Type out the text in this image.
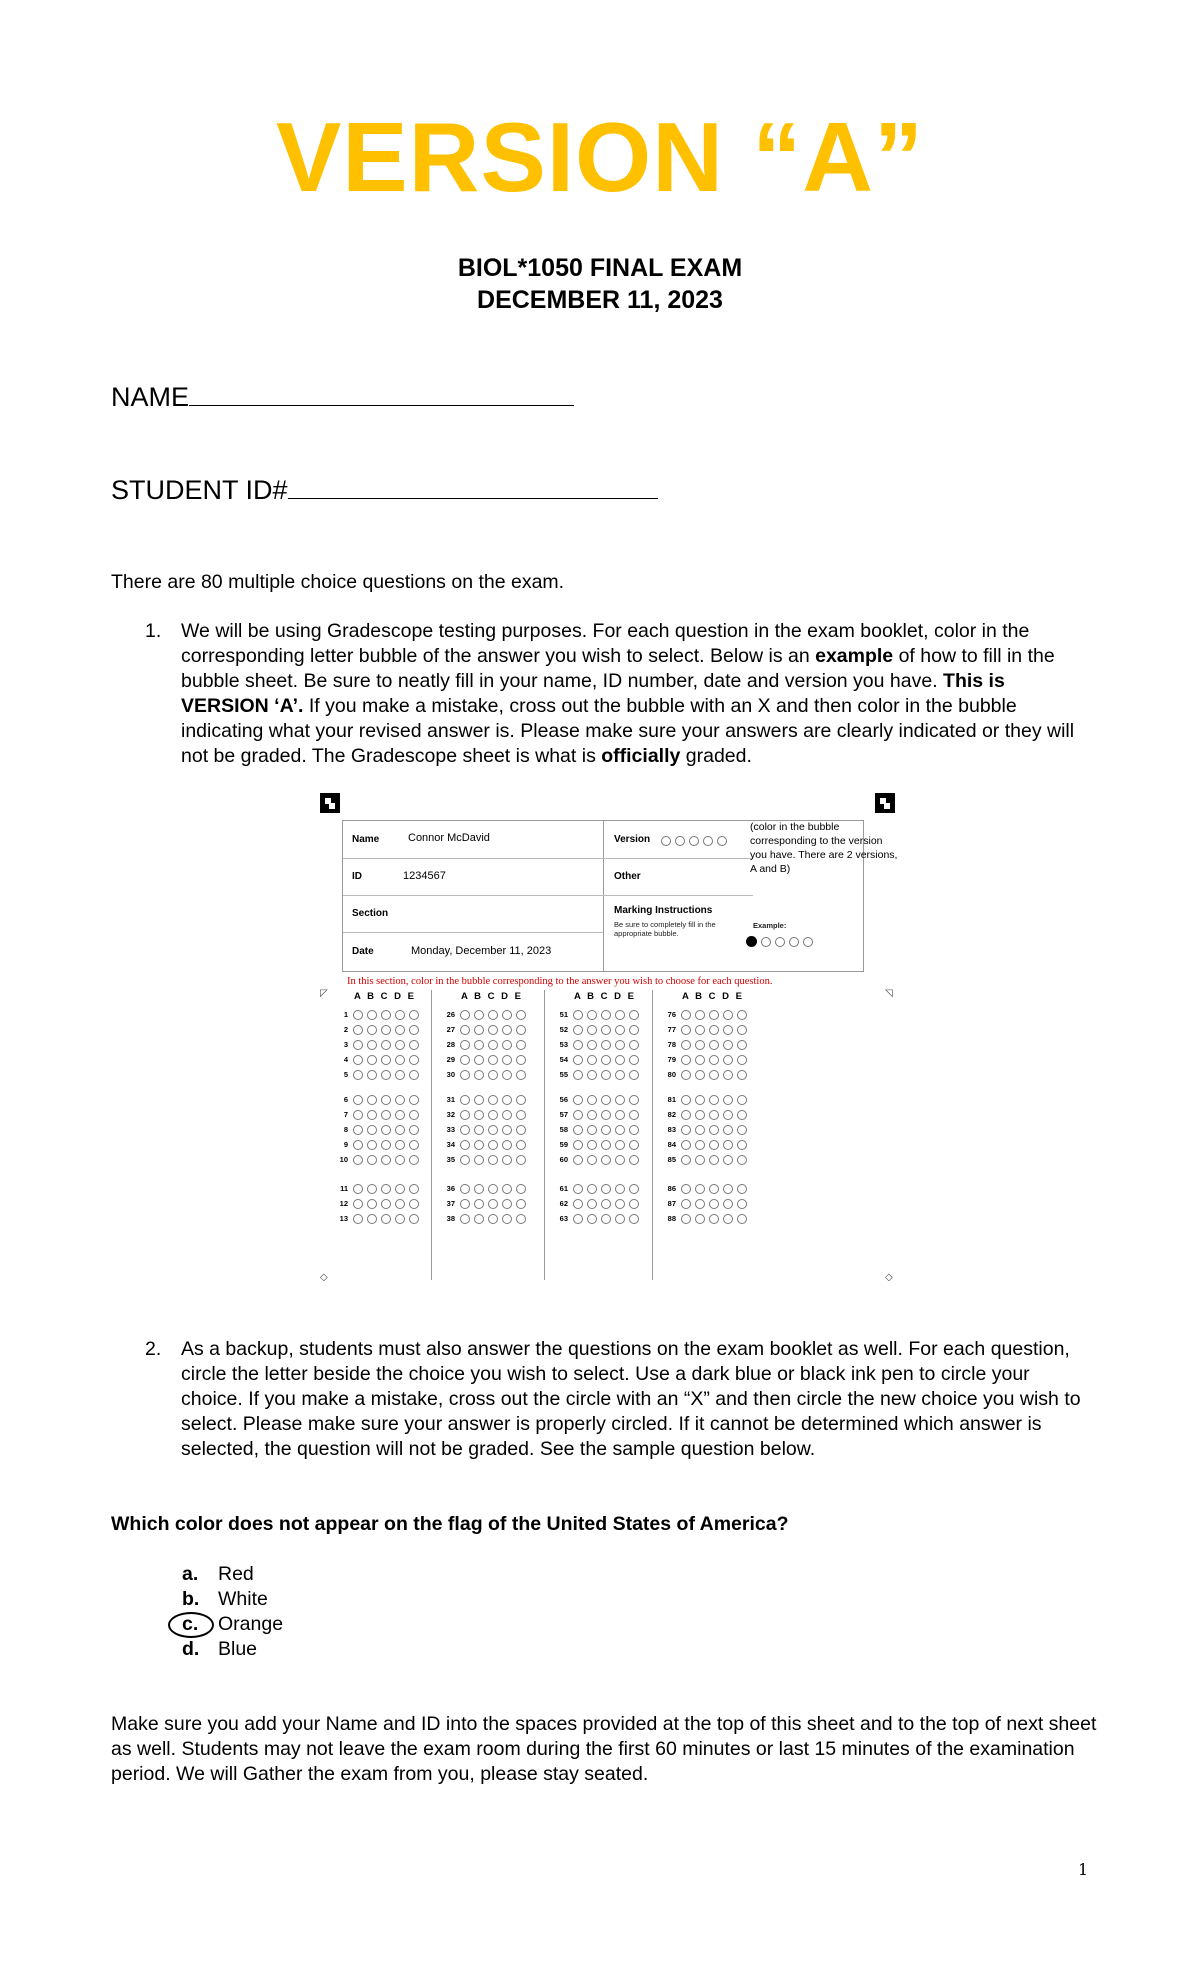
VERSION “A”
BIOL*1050 FINAL EXAM
DECEMBER 11, 2023
NAME
STUDENT ID#
There are 80 multiple choice questions on the exam.
1. We will be using Gradescope testing purposes. For each question in the exam booklet, color in the corresponding letter bubble of the answer you wish to select. Below is an example of how to fill in the bubble sheet. Be sure to neatly fill in your name, ID number, date and version you have. This is VERSION ‘A’. If you make a mistake, cross out the bubble with an X and then color in the bubble indicating what your revised answer is. Please make sure your answers are clearly indicated or they will not be graded. The Gradescope sheet is what is officially graded.
Name	Connor McDavid
ID	1234567
Section
Date	Monday, December 11, 2023
Version
Other
Marking Instructions
Be sure to completely fill in the appropriate bubble.
Example:
(color in the bubble corresponding to the version you have. There are 2 versions, A and B)
In this section, color in the bubble corresponding to the answer you wish to choose for each question.
◸	◹
◇	◇
A B C D E
1
2
3
4
5
6
7
8
9
10
11
12
13
A B C D E
26
27
28
29
30
31
32
33
34
35
36
37
38
A B C D E
51
52
53
54
55
56
57
58
59
60
61
62
63
A B C D E
76
77
78
79
80
81
82
83
84
85
86
87
88
2. As a backup, students must also answer the questions on the exam booklet as well. For each question, circle the letter beside the choice you wish to select. Use a dark blue or black ink pen to circle your choice. If you make a mistake, cross out the circle with an “X” and then circle the new choice you wish to select. Please make sure your answer is properly circled. If it cannot be determined which answer is selected, the question will not be graded. See the sample question below.
Which color does not appear on the flag of the United States of America?
a. Red
b. White
c. Orange
d. Blue
Make sure you add your Name and ID into the spaces provided at the top of this sheet and to the top of next sheet as well. Students may not leave the exam room during the first 60 minutes or last 15 minutes of the examination period. We will Gather the exam from you, please stay seated.
1
